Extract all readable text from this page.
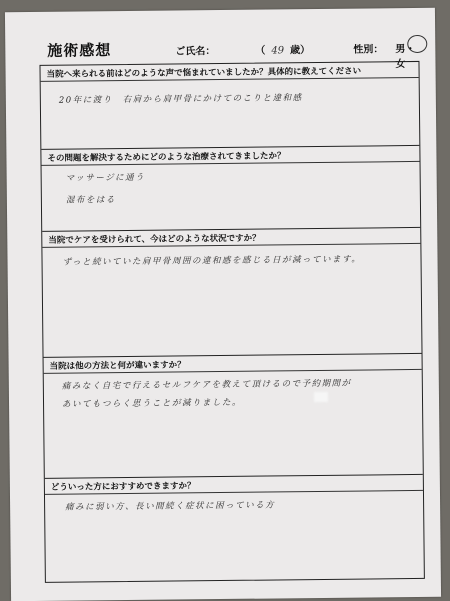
施術感想	ご氏名：	（ 49 歳）	性別： 男・女
当院へ来られる前はどのような声で悩まれていましたか？具体的に教えてください
20年に渡り　右肩から肩甲骨にかけてのこりと違和感
その問題を解決するためにどのような治療されてきましたか？
マッサージに通う
湿布をはる
当院でケアを受けられて、今はどのような状況ですか？
ずっと続いていた肩甲骨周囲の違和感を感じる日が減っています。
当院は他の方法と何が違いますか？
痛みなく自宅で行えるセルフケアを教えて頂けるので予約期間が
あいてもつらく思うことが減りました。
どういった方におすすめできますか？
痛みに弱い方、長い間続く症状に困っている方
